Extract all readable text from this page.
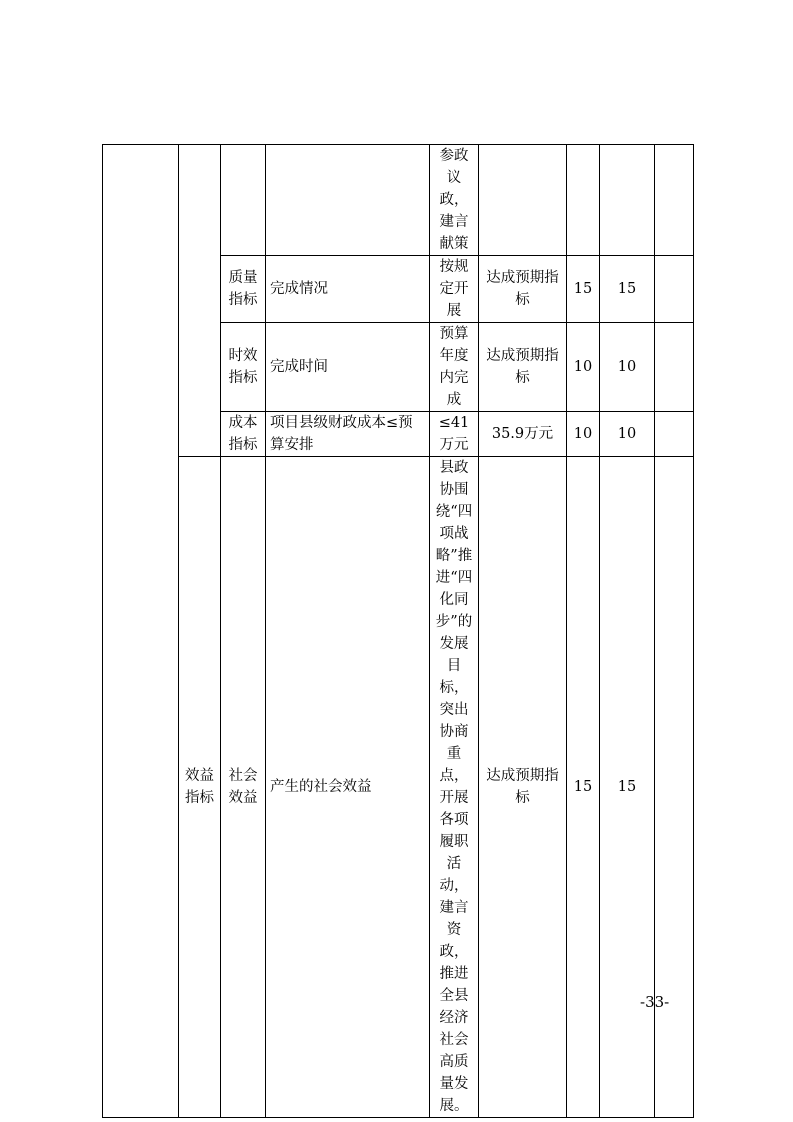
				参政议政，建言献策				
		质量指标	完成情况	按规定开展	达成预期指标	15	15	
		时效指标	完成时间	预算年度内完成	达成预期指标	10	10	
		成本指标	项目县级财政成本≤预算安排	≤41万元	35.9万元	10	10	
	效益指标	社会效益	产生的社会效益	县政协围绕“四项战略”推进“四化同步”的发展目标，突出协商重点，开展各项履职活动，建言资政，推进全县经济社会高质量发展。	达成预期指标	15	15	
-33-
